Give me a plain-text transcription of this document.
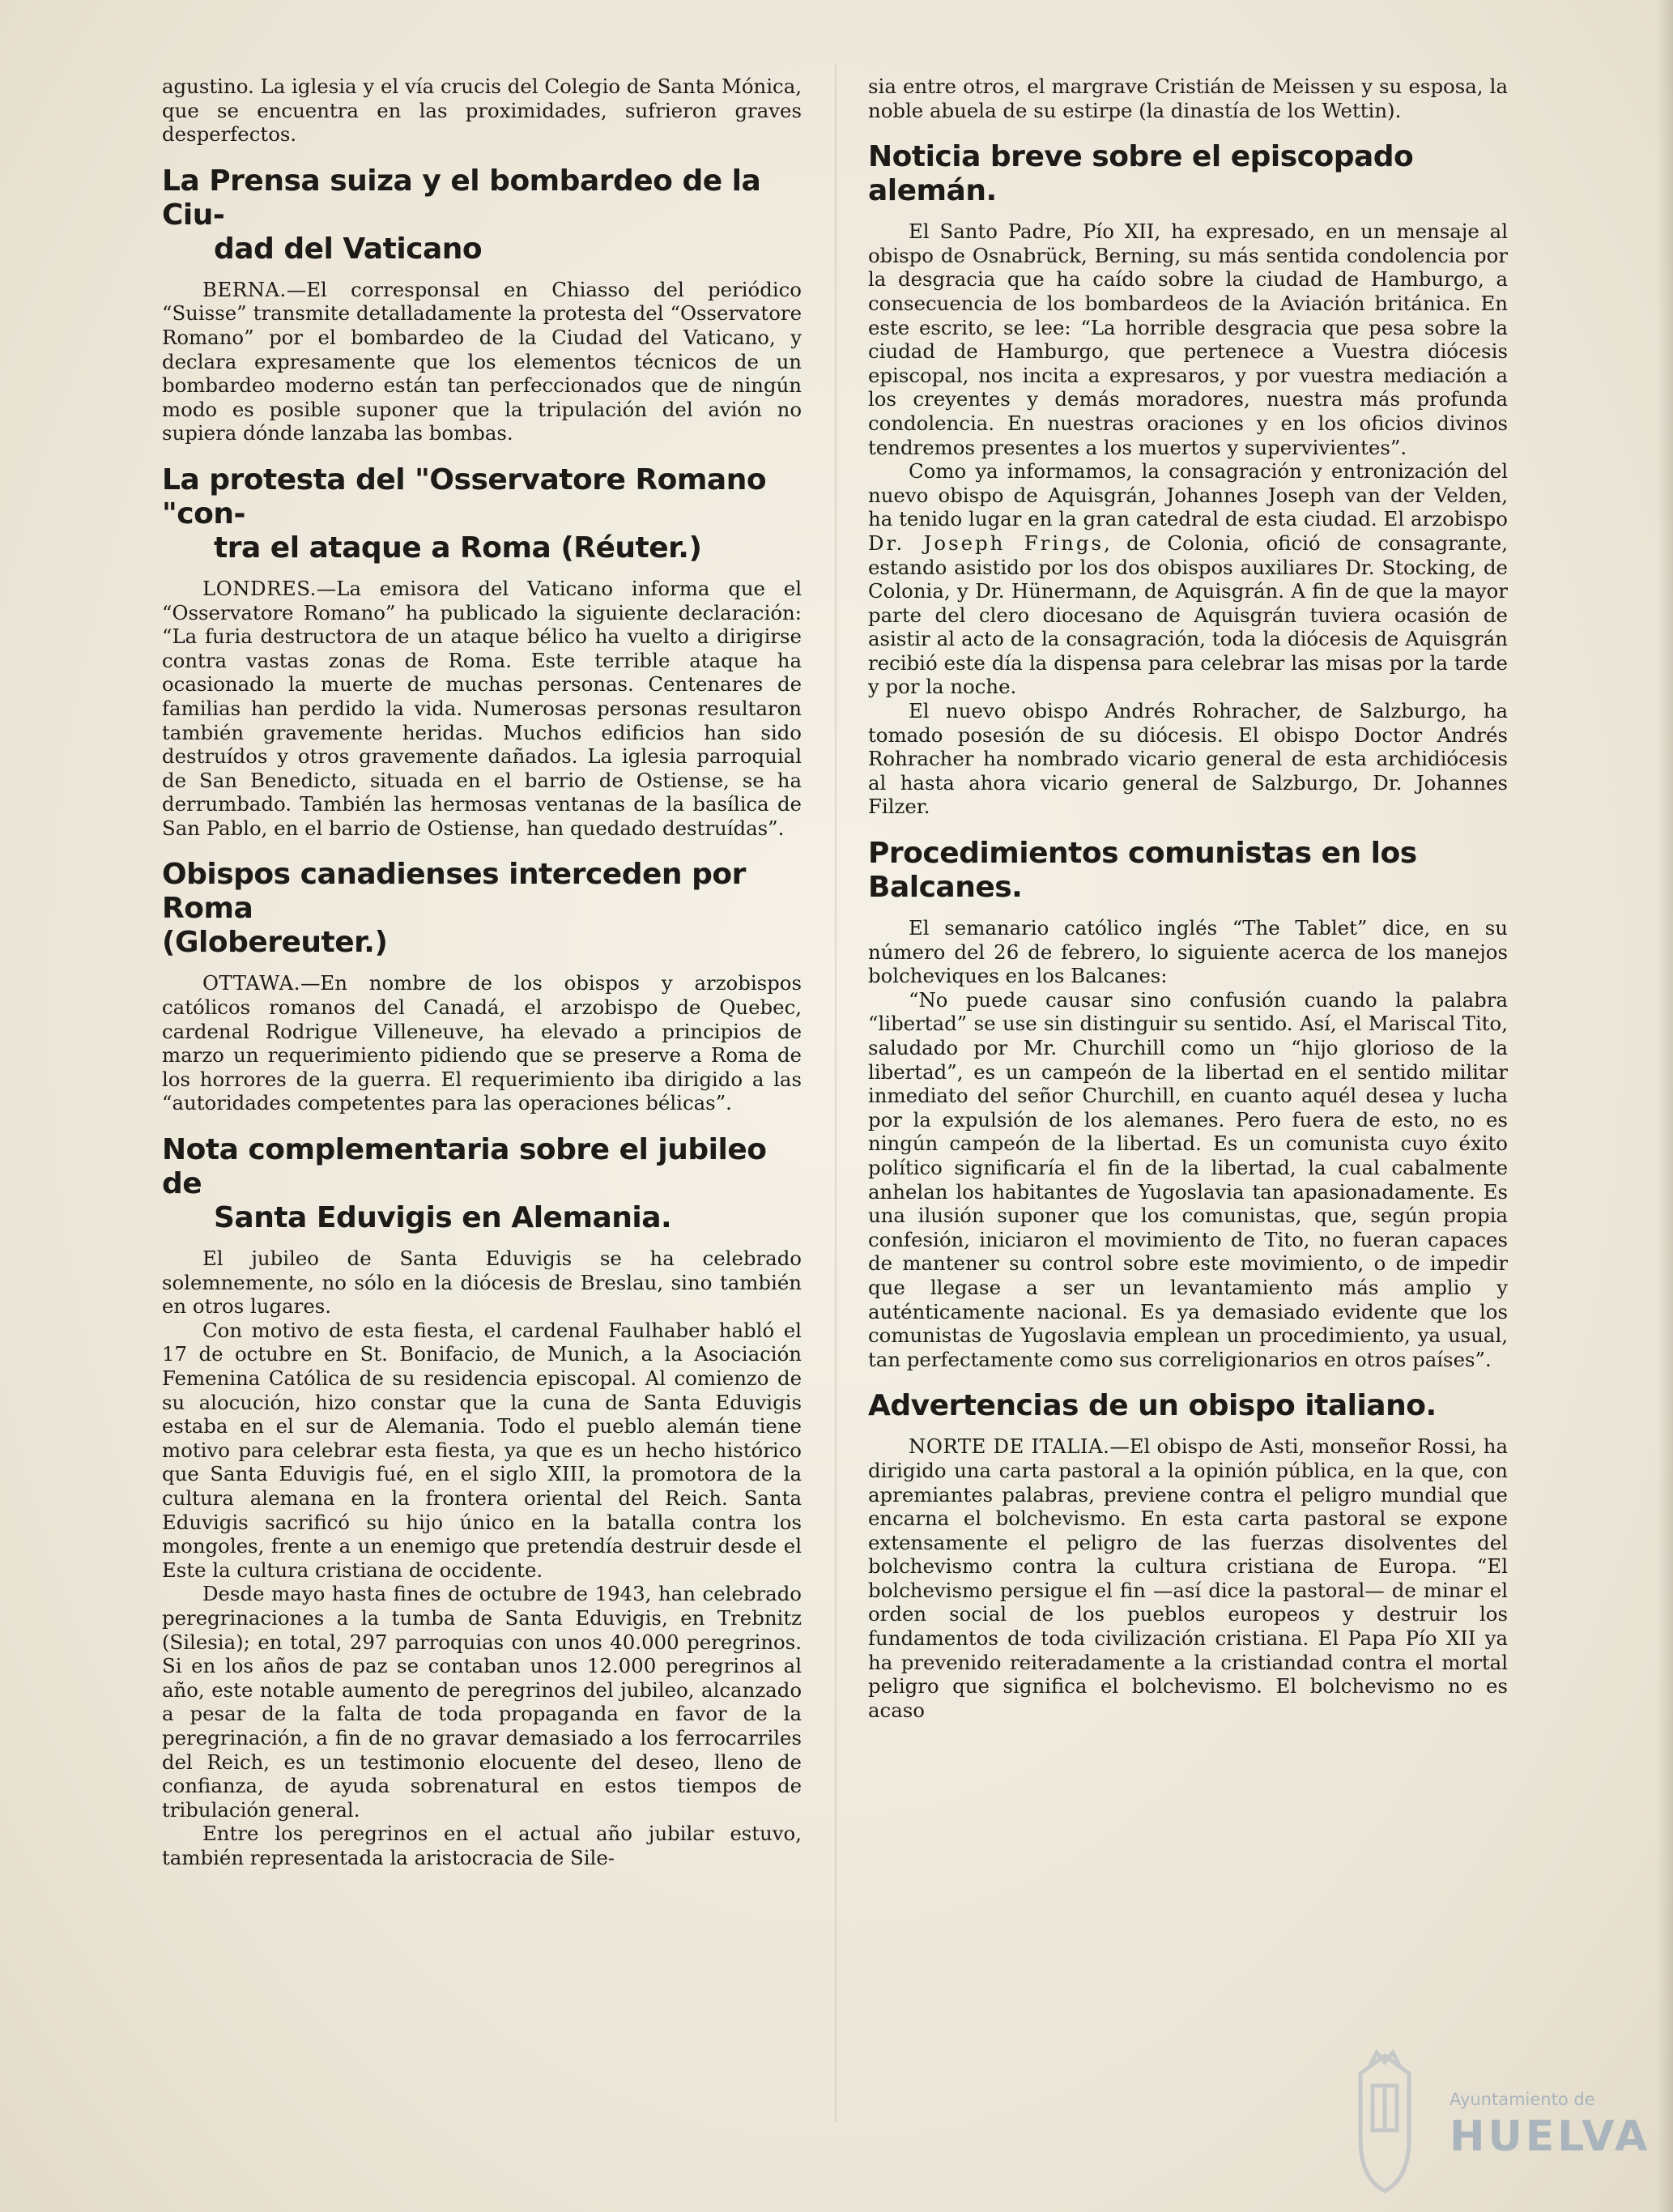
agustino. La iglesia y el vía crucis del Colegio de Santa Mónica, que se encuentra en las proximidades, sufrieron graves desperfectos.

La Prensa suiza y el bombardeo de la Ciu-
dad del Vaticano

BERNA.—El corresponsal en Chiasso del periódico “Suisse” transmite detalladamente la protesta del “Osservatore Romano” por el bombardeo de la Ciudad del Vaticano, y declara expresamente que los elementos técnicos de un bombardeo moderno están tan perfeccionados que de ningún modo es posible suponer que la tripulación del avión no supiera dónde lanzaba las bombas.

La protesta del "Osservatore Romano "con-
tra el ataque a Roma (Réuter.)

LONDRES.—La emisora del Vaticano informa que el “Osservatore Romano” ha publicado la siguiente declaración: “La furia destructora de un ataque bélico ha vuelto a dirigirse contra vastas zonas de Roma. Este terrible ataque ha ocasionado la muerte de muchas personas. Centenares de familias han perdido la vida. Numerosas personas resultaron también gravemente heridas. Muchos edificios han sido destruídos y otros gravemente dañados. La iglesia parroquial de San Benedicto, situada en el barrio de Ostiense, se ha derrumbado. También las hermosas ventanas de la basílica de San Pablo, en el barrio de Ostiense, han quedado destruídas”.

Obispos canadienses interceden por Roma
(Globereuter.)

OTTAWA.—En nombre de los obispos y arzobispos católicos romanos del Canadá, el arzobispo de Quebec, cardenal Rodrigue Villeneuve, ha elevado a principios de marzo un requerimiento pidiendo que se preserve a Roma de los horrores de la guerra. El requerimiento iba dirigido a las “autoridades competentes para las operaciones bélicas”.

Nota complementaria sobre el jubileo de
Santa Eduvigis en Alemania.

El jubileo de Santa Eduvigis se ha celebrado solemnemente, no sólo en la diócesis de Breslau, sino también en otros lugares.

Con motivo de esta fiesta, el cardenal Faulhaber habló el 17 de octubre en St. Bonifacio, de Munich, a la Asociación Femenina Católica de su residencia episcopal. Al comienzo de su alocución, hizo constar que la cuna de Santa Eduvigis estaba en el sur de Alemania. Todo el pueblo alemán tiene motivo para celebrar esta fiesta, ya que es un hecho histórico que Santa Eduvigis fué, en el siglo XIII, la promotora de la cultura alemana en la frontera oriental del Reich. Santa Eduvigis sacrificó su hijo único en la batalla contra los mongoles, frente a un enemigo que pretendía destruir desde el Este la cultura cristiana de occidente.

Desde mayo hasta fines de octubre de 1943, han celebrado peregrinaciones a la tumba de Santa Eduvigis, en Trebnitz (Silesia); en total, 297 parroquias con unos 40.000 peregrinos. Si en los años de paz se contaban unos 12.000 peregrinos al año, este notable aumento de peregrinos del jubileo, alcanzado a pesar de la falta de toda propaganda en favor de la peregrinación, a fin de no gravar demasiado a los ferrocarriles del Reich, es un testimonio elocuente del deseo, lleno de confianza, de ayuda sobrenatural en estos tiempos de tribulación general.

Entre los peregrinos en el actual año jubilar estuvo, también representada la aristocracia de Sile-

sia entre otros, el margrave Cristián de Meissen y su esposa, la noble abuela de su estirpe (la dinastía de los Wettin).

Noticia breve sobre el episcopado alemán.

El Santo Padre, Pío XII, ha expresado, en un mensaje al obispo de Osnabrück, Berning, su más sentida condolencia por la desgracia que ha caído sobre la ciudad de Hamburgo, a consecuencia de los bombardeos de la Aviación británica. En este escrito, se lee: “La horrible desgracia que pesa sobre la ciudad de Hamburgo, que pertenece a Vuestra diócesis episcopal, nos incita a expresaros, y por vuestra mediación a los creyentes y demás moradores, nuestra más profunda condolencia. En nuestras oraciones y en los oficios divinos tendremos presentes a los muertos y supervivientes”.

Como ya informamos, la consagración y entronización del nuevo obispo de Aquisgrán, Johannes Joseph van der Velden, ha tenido lugar en la gran catedral de esta ciudad. El arzobispo Dr. Joseph Frings, de Colonia, ofició de consagrante, estando asistido por los dos obispos auxiliares Dr. Stocking, de Colonia, y Dr. Hünermann, de Aquisgrán. A fin de que la mayor parte del clero diocesano de Aquisgrán tuviera ocasión de asistir al acto de la consagración, toda la diócesis de Aquisgrán recibió este día la dispensa para celebrar las misas por la tarde y por la noche.

El nuevo obispo Andrés Rohracher, de Salzburgo, ha tomado posesión de su diócesis. El obispo Doctor Andrés Rohracher ha nombrado vicario general de esta archidiócesis al hasta ahora vicario general de Salzburgo, Dr. Johannes Filzer.

Procedimientos comunistas en los Balcanes.

El semanario católico inglés “The Tablet” dice, en su número del 26 de febrero, lo siguiente acerca de los manejos bolcheviques en los Balcanes:

“No puede causar sino confusión cuando la palabra “libertad” se use sin distinguir su sentido. Así, el Mariscal Tito, saludado por Mr. Churchill como un “hijo glorioso de la libertad”, es un campeón de la libertad en el sentido militar inmediato del señor Churchill, en cuanto aquél desea y lucha por la expulsión de los alemanes. Pero fuera de esto, no es ningún campeón de la libertad. Es un comunista cuyo éxito político significaría el fin de la libertad, la cual cabalmente anhelan los habitantes de Yugoslavia tan apasionadamente. Es una ilusión suponer que los comunistas, que, según propia confesión, iniciaron el movimiento de Tito, no fueran capaces de mantener su control sobre este movimiento, o de impedir que llegase a ser un levantamiento más amplio y auténticamente nacional. Es ya demasiado evidente que los comunistas de Yugoslavia emplean un procedimiento, ya usual, tan perfectamente como sus correligionarios en otros países”.

Advertencias de un obispo italiano.

NORTE DE ITALIA.—El obispo de Asti, monseñor Rossi, ha dirigido una carta pastoral a la opinión pública, en la que, con apremiantes palabras, previene contra el peligro mundial que encarna el bolchevismo. En esta carta pastoral se expone extensamente el peligro de las fuerzas disolventes del bolchevismo contra la cultura cristiana de Europa. “El bolchevismo persigue el fin —así dice la pastoral— de minar el orden social de los pueblos europeos y destruir los fundamentos de toda civilización cristiana. El Papa Pío XII ya ha prevenido reiteradamente a la cristiandad contra el mortal peligro que significa el bolchevismo. El bolchevismo no es acaso

Ayuntamiento de
HUELVA
